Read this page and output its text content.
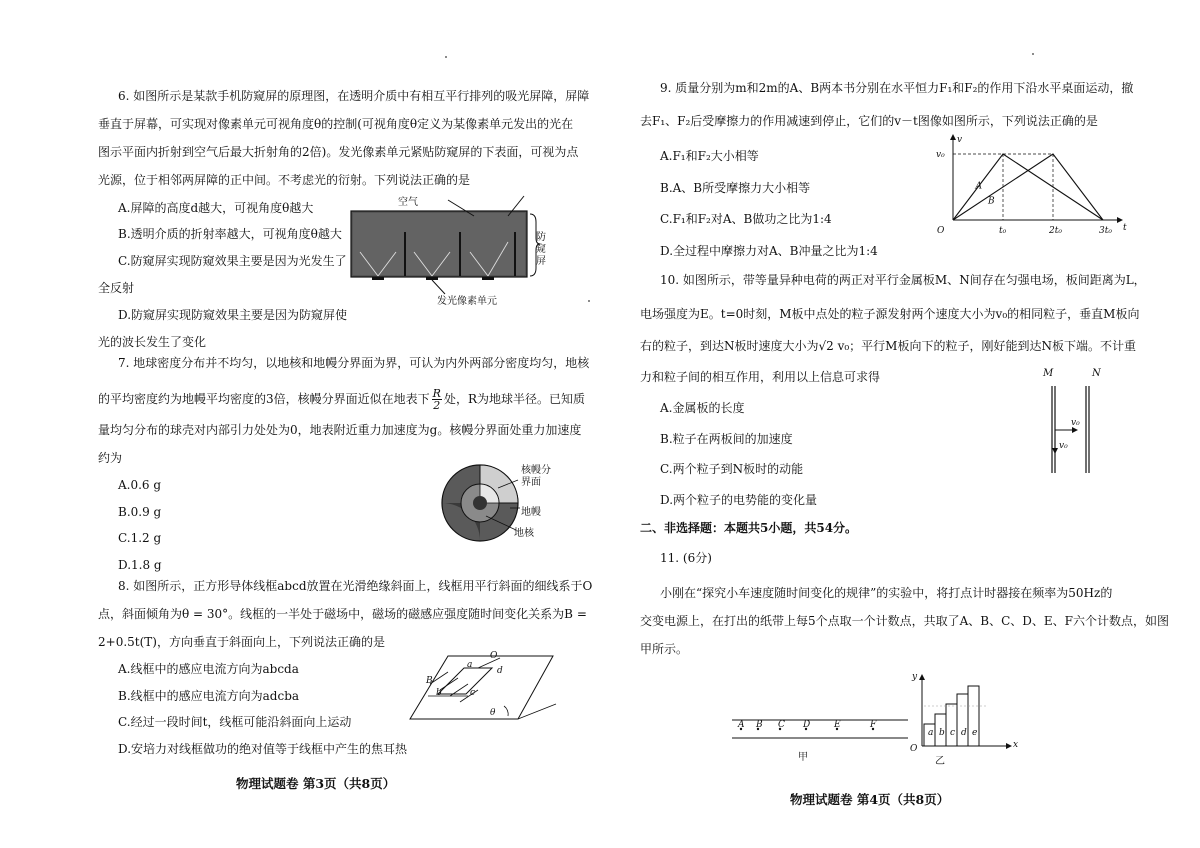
6. 如图所示是某款手机防窥屏的原理图，在透明介质中有相互平行排列的吸光屏障，屏障
垂直于屏幕，可实现对像素单元可视角度θ的控制(可视角度θ定义为某像素单元发出的光在
图示平面内折射到空气后最大折射角的2倍)。发光像素单元紧贴防窥屏的下表面，可视为点
光源，位于相邻两屏障的正中间。不考虑光的衍射。下列说法正确的是
A.屏障的高度d越大，可视角度θ越大
B.透明介质的折射率越大，可视角度θ越大
C.防窥屏实现防窥效果主要是因为光发生了
全反射
D.防窥屏实现防窥效果主要是因为防窥屏使
光的波长发生了变化
空气
防
窥
屏
发光像素单元
7. 地球密度分布并不均匀，以地核和地幔分界面为界，可认为内外两部分密度均匀，地核
的平均密度约为地幔平均密度的3倍，核幔分界面近似在地表下 $\frac{R}{2}$ 处，R为地球半径。已知质
量均匀分布的球壳对内部引力处处为0，地表附近重力加速度为g。核幔分界面处重力加速度
约为
A.0.6 g
B.0.9 g
C.1.2 g
D.1.8 g
核幔分
界面
地幔
地核
8. 如图所示，正方形导体线框abcd放置在光滑绝缘斜面上，线框用平行斜面的细线系于O
点，斜面倾角为θ = 30°。线框的一半处于磁场中，磁场的磁感应强度随时间变化关系为B =
2+0.5t(T)，方向垂直于斜面向上，下列说法正确的是
A.线框中的感应电流方向为abcda
B.线框中的感应电流方向为adcba
C.经过一段时间t，线框可能沿斜面向上运动
D.安培力对线框做功的绝对值等于线框中产生的焦耳热
B
a
O
d
b	c
θ
物理试题卷 第3页（共8页）
9. 质量分别为m和2m的A、B两本书分别在水平恒力F₁和F₂的作用下沿水平桌面运动，撤
去F₁、F₂后受摩擦力的作用减速到停止，它们的v－t图像如图所示，下列说法正确的是
A.F₁和F₂大小相等
B.A、B所受摩擦力大小相等
C.F₁和F₂对A、B做功之比为1:4
D.全过程中摩擦力对A、B冲量之比为1:4
A
B
O	t₀	2t₀	3t₀
v₀
t
v
10. 如图所示，带等量异种电荷的两正对平行金属板M、N间存在匀强电场，板间距离为L，
电场强度为E。t=0时刻，M板中点处的粒子源发射两个速度大小为v₀的相同粒子，垂直M板向
右的粒子，到达N板时速度大小为√2 v₀；平行M板向下的粒子，刚好能到达N板下端。不计重
力和粒子间的相互作用，利用以上信息可求得
A.金属板的长度
B.粒子在两板间的加速度
C.两个粒子到N板时的动能
D.两个粒子的电势能的变化量
M	N
v₀
v₀
二、非选择题：本题共5小题，共54分。
11. (6分)
小刚在“探究小车速度随时间变化的规律”的实验中，将打点计时器接在频率为50Hz的
交变电源上，在打出的纸带上每5个点取一个计数点，共取了A、B、C、D、E、F六个计数点，如图
甲所示。
A B C D	E	F
甲
a b c d e
y
x
O
乙
物理试题卷 第4页（共8页）
